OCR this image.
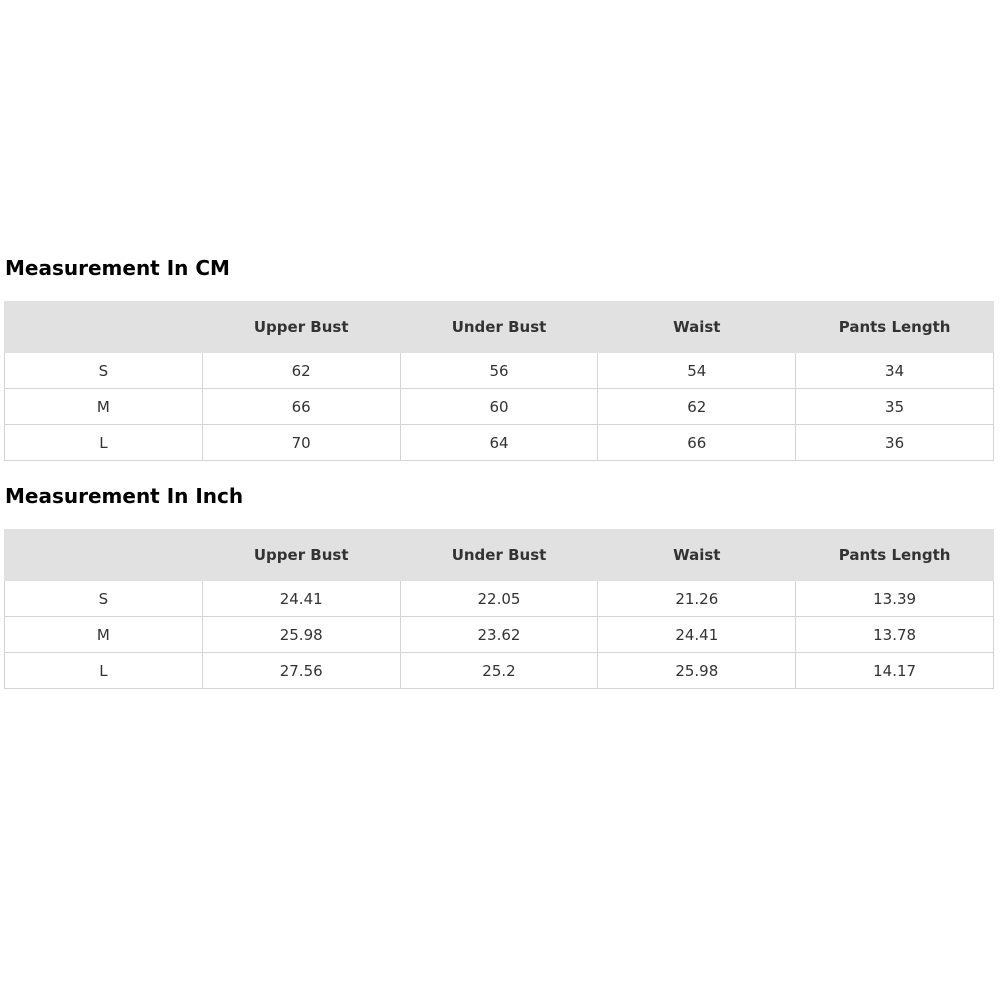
Measurement In CM
	Upper Bust	Under Bust	Waist	Pants Length
S	62	56	54	34
M	66	60	62	35
L	70	64	66	36
Measurement In Inch
	Upper Bust	Under Bust	Waist	Pants Length
S	24.41	22.05	21.26	13.39
M	25.98	23.62	24.41	13.78
L	27.56	25.2	25.98	14.17
